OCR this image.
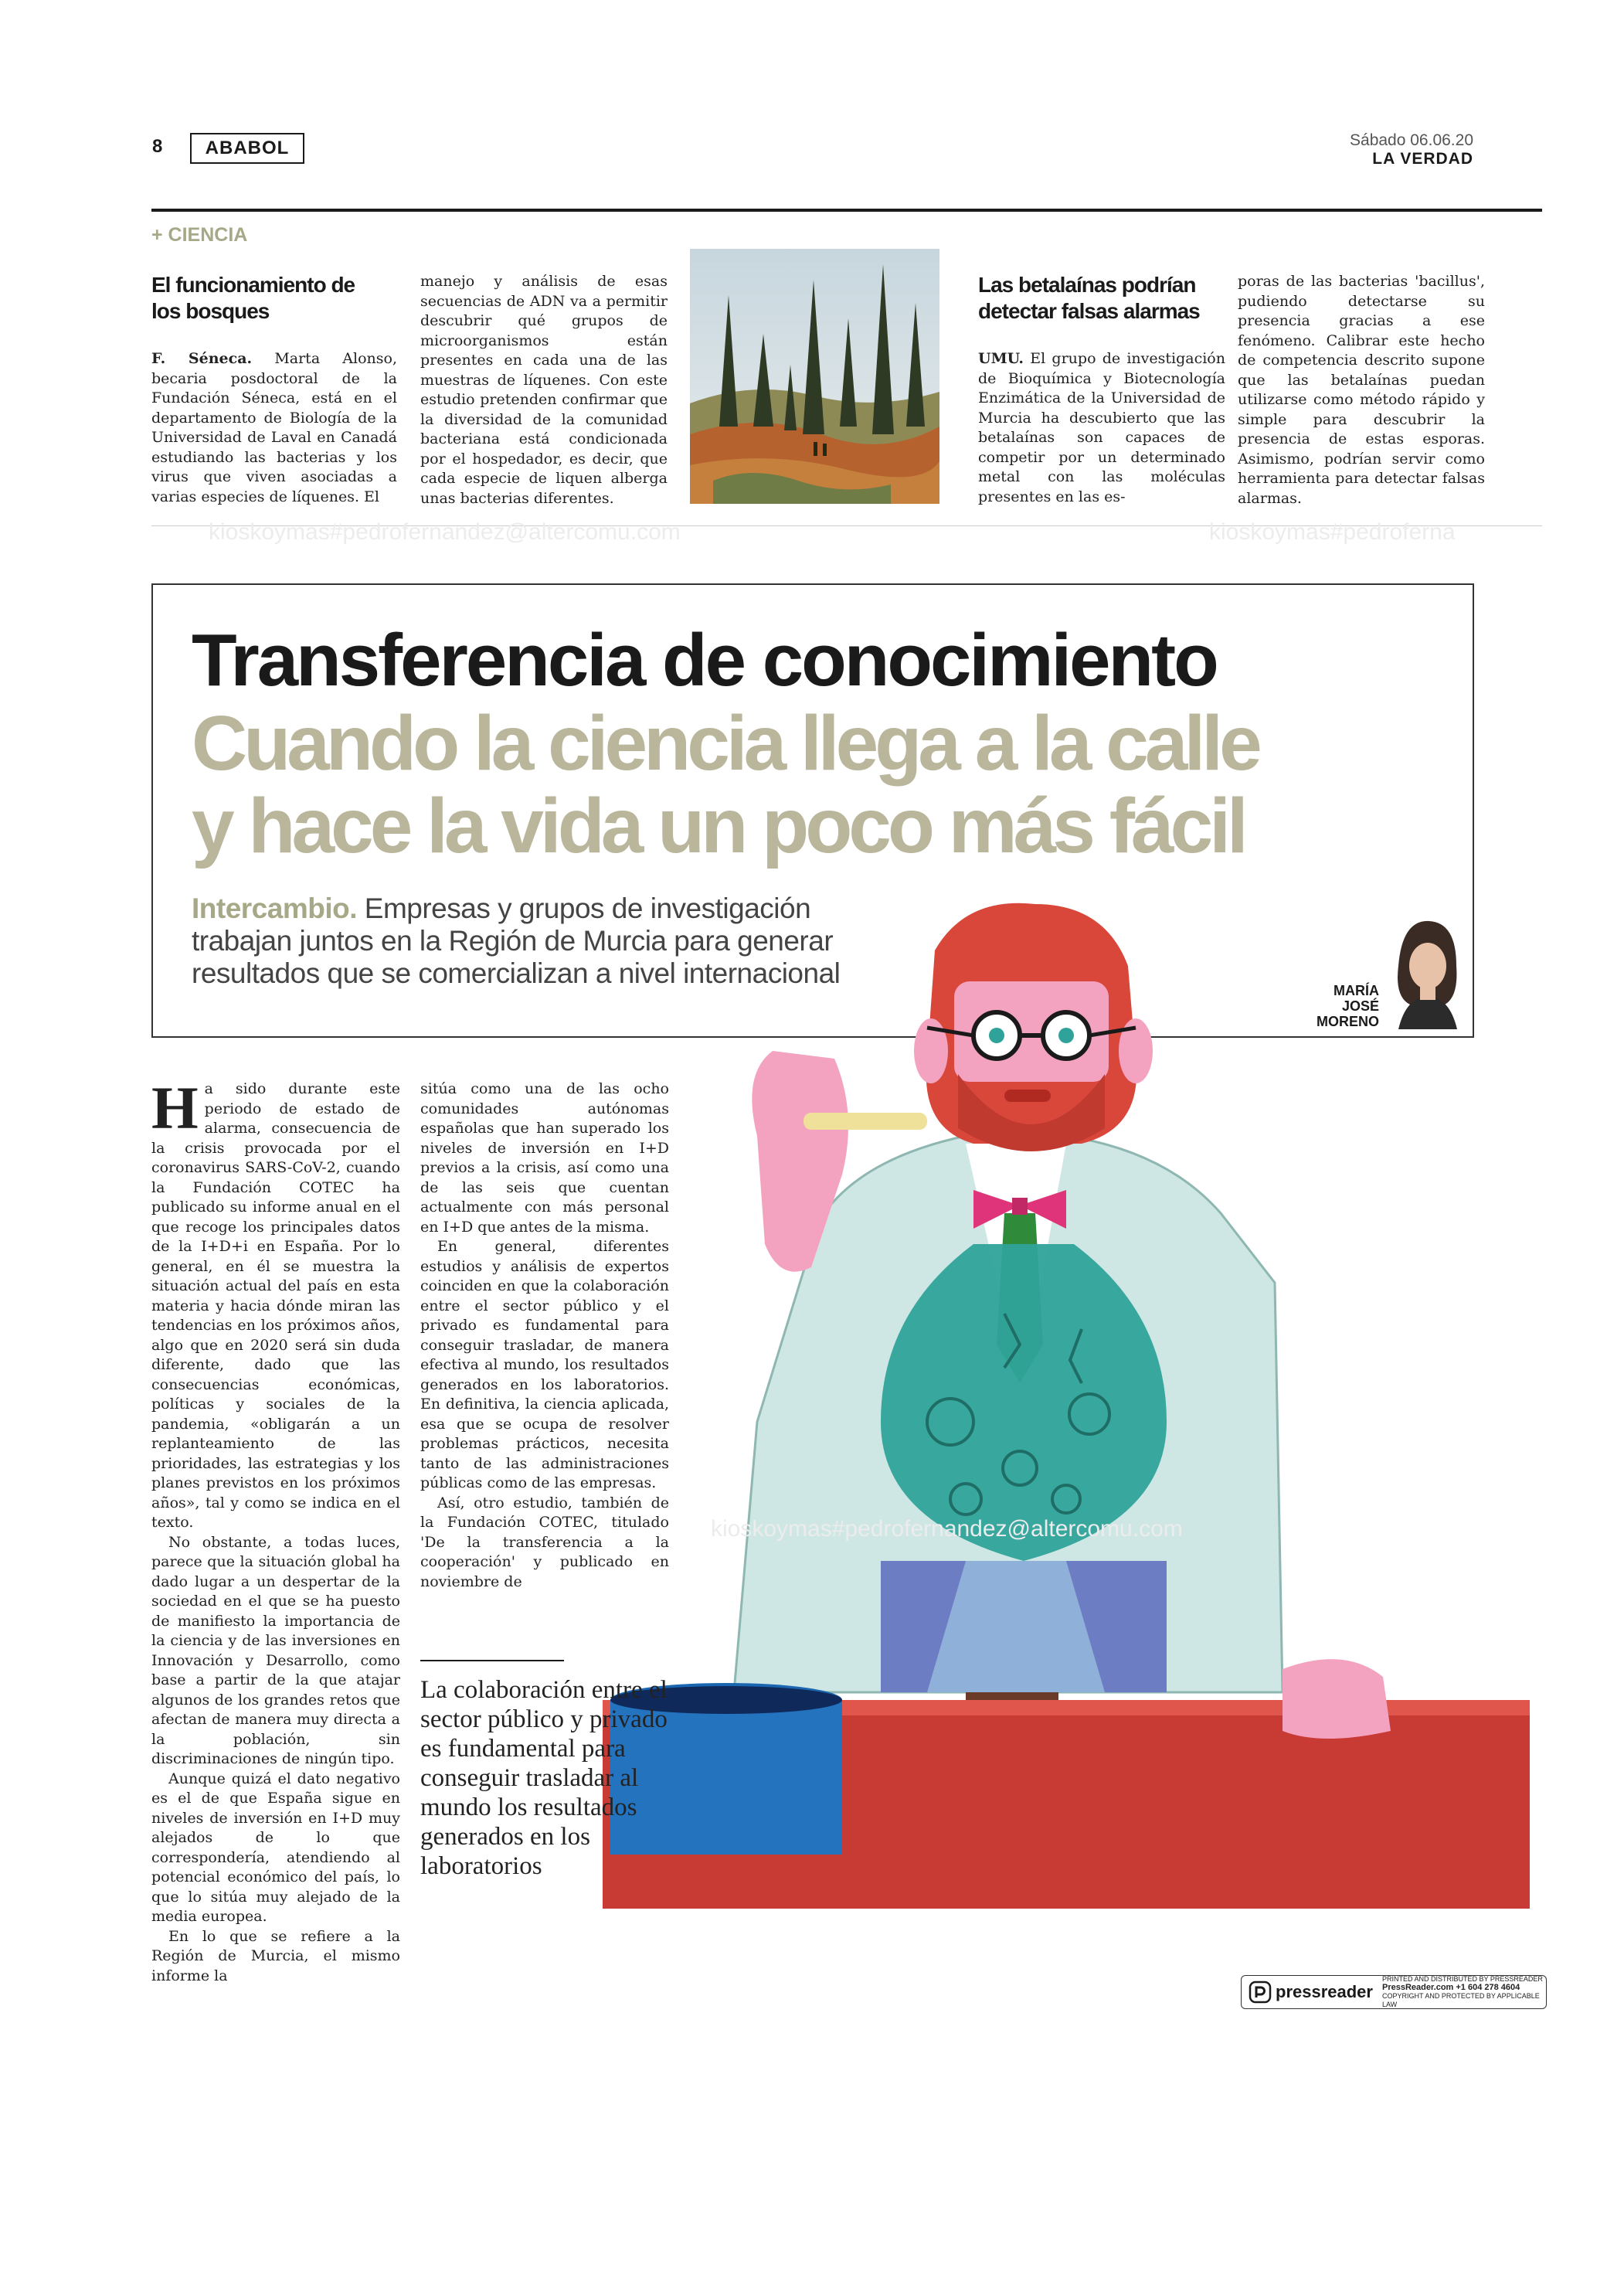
8	ABABOL	Sábado 06.06.20
LA VERDAD
+ CIENCIA
El funcionamiento de los bosques
F. Séneca. Marta Alonso, becaria posdoctoral de la Fundación Séneca, está en el departamento de Biología de la Universidad de Laval en Canadá estudiando las bacterias y los virus que viven asociadas a varias especies de líquenes. El
manejo y análisis de esas secuencias de ADN va a permitir descubrir qué grupos de microorganismos están presentes en cada una de las muestras de líquenes. Con este estudio pretenden confirmar que la diversidad de la comunidad bacteriana está condicionada por el hospedador, es decir, que cada especie de liquen alberga unas bacterias diferentes.
Las betalaínas podrían detectar falsas alarmas
UMU. El grupo de investigación de Bioquímica y Biotecnología Enzimática de la Universidad de Murcia ha descubierto que las betalaínas son capaces de competir por un determinado metal con las moléculas presentes en las es-
poras de las bacterias 'bacillus', pudiendo detectarse su presencia gracias a ese fenómeno. Calibrar este hecho de competencia descrito supone que las betalaínas puedan utilizarse como método rápido y simple para descubrir la presencia de estas esporas. Asimismo, podrían servir como herramienta para detectar falsas alarmas.
kioskoymas#pedrofernandez@altercomu.com	kioskoymas#pedroferna
Transferencia de conocimiento
Cuando la ciencia llega a la calle
y hace la vida un poco más fácil
Intercambio. Empresas y grupos de investigación trabajan juntos en la Región de Murcia para generar resultados que se comercializan a nivel internacional
MARÍA
JOSÉ
MORENO

Ha sido durante este periodo de estado de alarma, consecuencia de la crisis provocada por el coronavirus SARS-CoV-2, cuando la Fundación COTEC ha publicado su informe anual en el que recoge los principales datos de la I+D+i en España. Por lo general, en él se muestra la situación actual del país en esta materia y hacia dónde miran las tendencias en los próximos años, algo que en 2020 será sin duda diferente, dado que las consecuencias económicas, políticas y sociales de la pandemia, «obligarán a un replanteamiento de las prioridades, las estrategias y los planes previstos en los próximos años», tal y como se indica en el texto.

No obstante, a todas luces, parece que la situación global ha dado lugar a un despertar de la sociedad en el que se ha puesto de manifiesto la importancia de la ciencia y de las inversiones en Innovación y Desarrollo, como base a partir de la que atajar algunos de los grandes retos que afectan de manera muy directa a la población, sin discriminaciones de ningún tipo.

Aunque quizá el dato negativo es el de que España sigue en niveles de inversión en I+D muy alejados de lo que correspondería, atendiendo al potencial económico del país, lo que lo sitúa muy alejado de la media europea.

En lo que se refiere a la Región de Murcia, el mismo informe la

sitúa como una de las ocho comunidades autónomas españolas que han superado los niveles de inversión en I+D previos a la crisis, así como una de las seis que cuentan actualmente con más personal en I+D que antes de la misma.

En general, diferentes estudios y análisis de expertos coinciden en que la colaboración entre el sector público y el privado es fundamental para conseguir trasladar, de manera efectiva al mundo, los resultados generados en los laboratorios. En definitiva, la ciencia aplicada, esa que se ocupa de resolver problemas prácticos, necesita tanto de las administraciones públicas como de las empresas.

Así, otro estudio, también de la Fundación COTEC, titulado 'De la transferencia a la cooperación' y publicado en noviembre de

La colaboración entre el sector público y privado es fundamental para conseguir trasladar al mundo los resultados generados en los laboratorios
kioskoymas#pedrofernandez@altercomu.com
pressreader
PRINTED AND DISTRIBUTED BY PRESSREADER
PressReader.com +1 604 278 4604
COPYRIGHT AND PROTECTED BY APPLICABLE LAW
